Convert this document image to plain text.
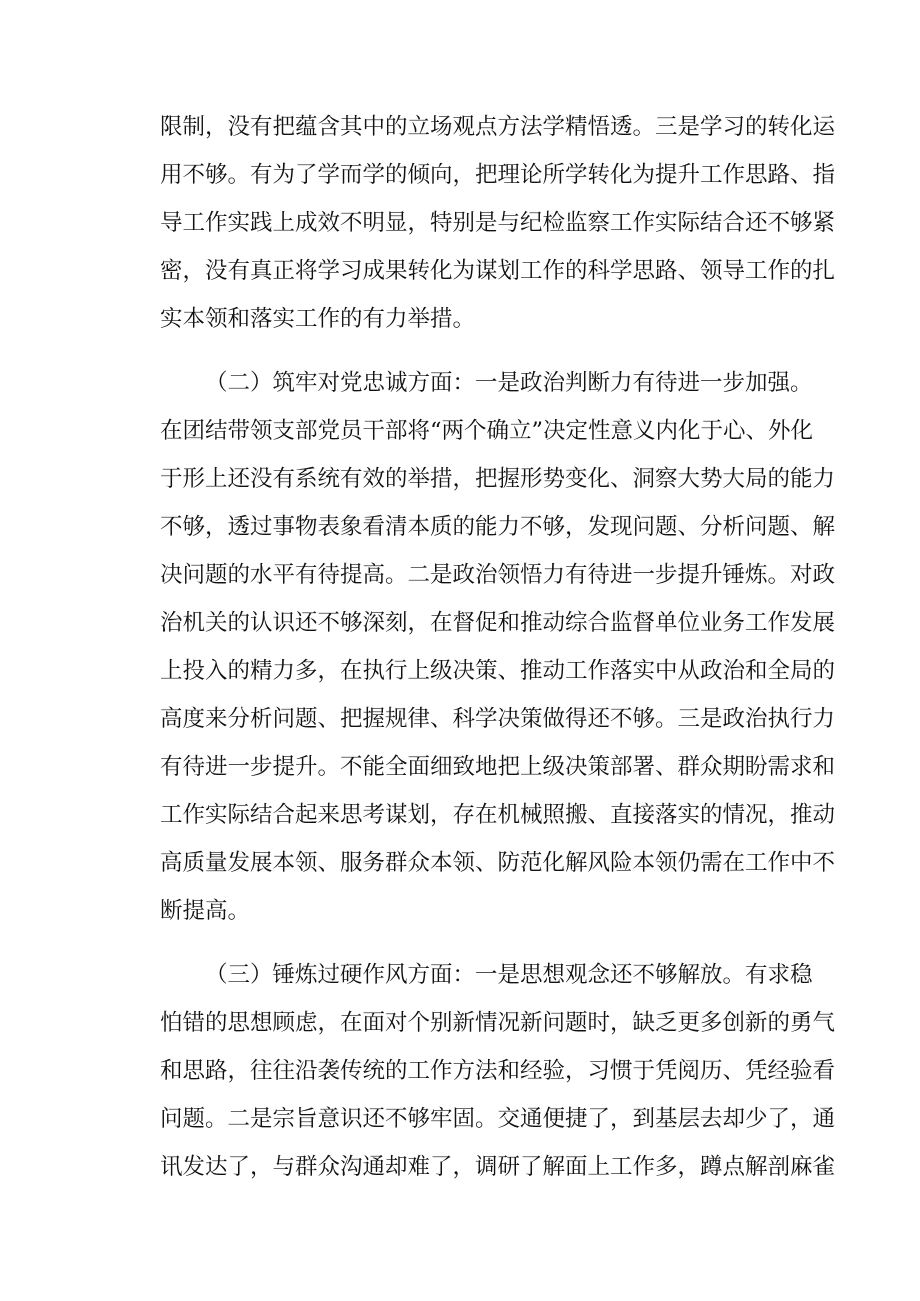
限制，没有把蕴含其中的立场观点方法学精悟透。三是学习的转化运
用不够。有为了学而学的倾向，把理论所学转化为提升工作思路、指
导工作实践上成效不明显，特别是与纪检监察工作实际结合还不够紧
密，没有真正将学习成果转化为谋划工作的科学思路、领导工作的扎
实本领和落实工作的有力举措。
（二）筑牢对党忠诚方面：一是政治判断力有待进一步加强。
在团结带领支部党员干部将“两个确立”决定性意义内化于心、外化
于形上还没有系统有效的举措，把握形势变化、洞察大势大局的能力
不够，透过事物表象看清本质的能力不够，发现问题、分析问题、解
决问题的水平有待提高。二是政治领悟力有待进一步提升锤炼。对政
治机关的认识还不够深刻，在督促和推动综合监督单位业务工作发展
上投入的精力多，在执行上级决策、推动工作落实中从政治和全局的
高度来分析问题、把握规律、科学决策做得还不够。三是政治执行力
有待进一步提升。不能全面细致地把上级决策部署、群众期盼需求和
工作实际结合起来思考谋划，存在机械照搬、直接落实的情况，推动
高质量发展本领、服务群众本领、防范化解风险本领仍需在工作中不
断提高。
（三）锤炼过硬作风方面：一是思想观念还不够解放。有求稳
怕错的思想顾虑，在面对个别新情况新问题时，缺乏更多创新的勇气
和思路，往往沿袭传统的工作方法和经验，习惯于凭阅历、凭经验看
问题。二是宗旨意识还不够牢固。交通便捷了，到基层去却少了，通
讯发达了，与群众沟通却难了，调研了解面上工作多，蹲点解剖麻雀
